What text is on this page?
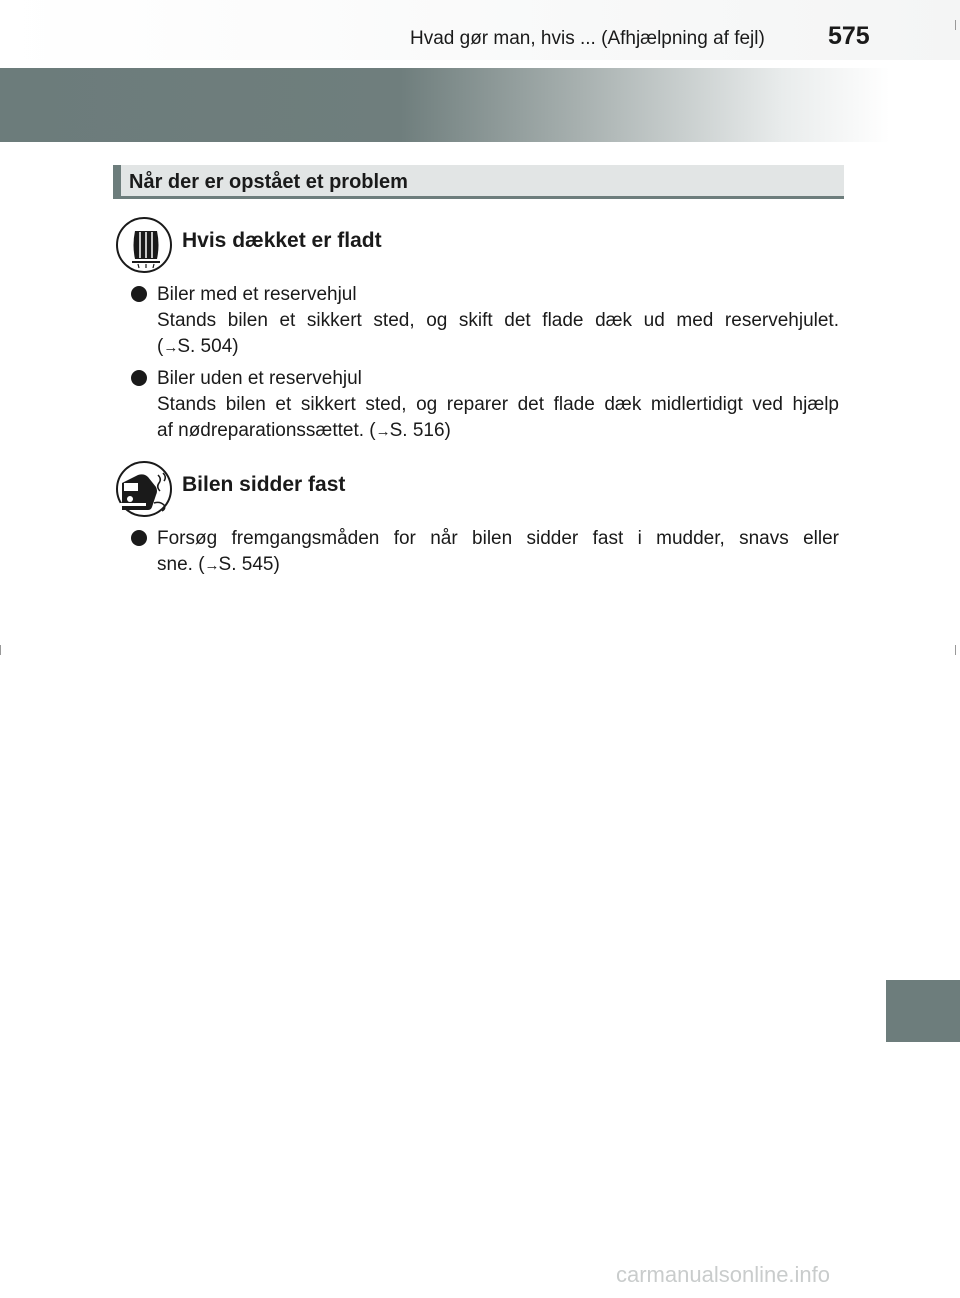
Hvad gør man, hvis ... (Afhjælpning af fejl)	575
Når der er opstået et problem
Hvis dækket er fladt
Biler med et reservehjul
Stands bilen et sikkert sted, og skift det flade dæk ud med reservehjulet.
(→S. 504)
Biler uden et reservehjul
Stands bilen et sikkert sted, og reparer det flade dæk midlertidigt ved hjælp
af nødreparationssættet. (→S. 516)
Bilen sidder fast
Forsøg fremgangsmåden for når bilen sidder fast i mudder, snavs eller
sne. (→S. 545)
carmanualsonline.info
